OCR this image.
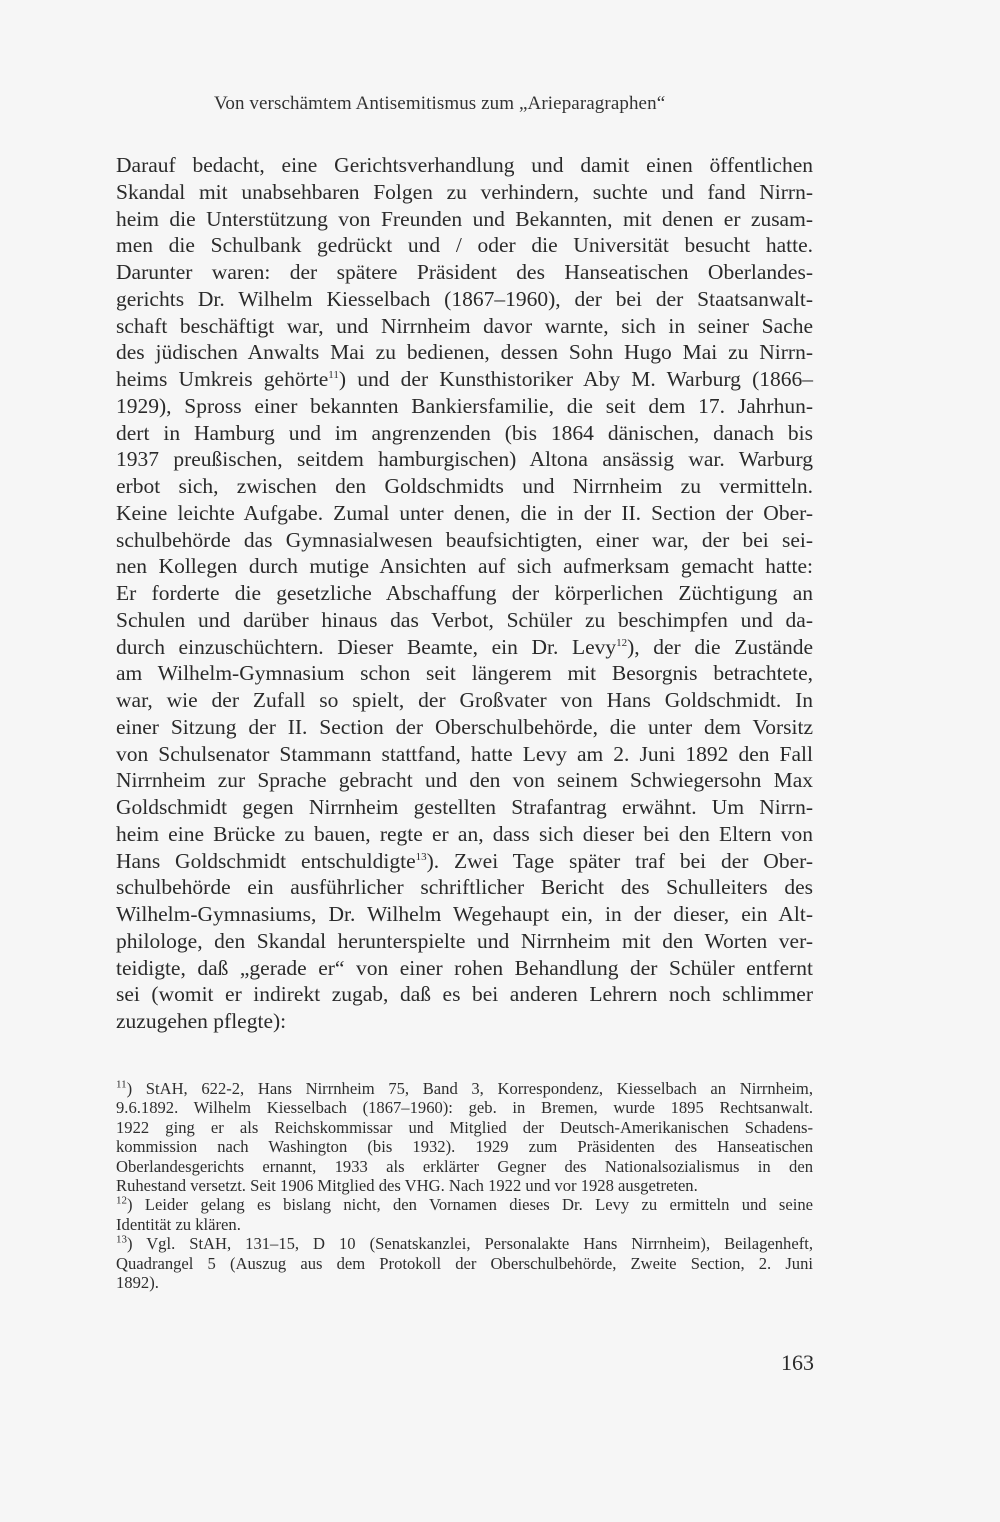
Von verschämtem Antisemitismus zum „Arieparagraphen“
Darauf bedacht, eine Gerichtsverhandlung und damit einen öffentlichen
Skandal mit unabsehbaren Folgen zu verhindern, suchte und fand Nirrn-
heim die Unterstützung von Freunden und Bekannten, mit denen er zusam-
men die Schulbank gedrückt und / oder die Universität besucht hatte.
Darunter waren: der spätere Präsident des Hanseatischen Oberlandes-
gerichts Dr. Wilhelm Kiesselbach (1867–1960), der bei der Staatsanwalt-
schaft beschäftigt war, und Nirrnheim davor warnte, sich in seiner Sache
des jüdischen Anwalts Mai zu bedienen, dessen Sohn Hugo Mai zu Nirrn-
heims Umkreis gehörte$^{11}$) und der Kunsthistoriker Aby M. Warburg (1866–
1929), Spross einer bekannten Bankiersfamilie, die seit dem 17. Jahrhun-
dert in Hamburg und im angrenzenden (bis 1864 dänischen, danach bis
1937 preußischen, seitdem hamburgischen) Altona ansässig war. Warburg
erbot sich, zwischen den Goldschmidts und Nirrnheim zu vermitteln.
Keine leichte Aufgabe. Zumal unter denen, die in der II. Section der Ober-
schulbehörde das Gymnasialwesen beaufsichtigten, einer war, der bei sei-
nen Kollegen durch mutige Ansichten auf sich aufmerksam gemacht hatte:
Er forderte die gesetzliche Abschaffung der körperlichen Züchtigung an
Schulen und darüber hinaus das Verbot, Schüler zu beschimpfen und da-
durch einzuschüchtern. Dieser Beamte, ein Dr. Levy$^{12}$), der die Zustände
am Wilhelm-Gymnasium schon seit längerem mit Besorgnis betrachtete,
war, wie der Zufall so spielt, der Großvater von Hans Goldschmidt. In
einer Sitzung der II. Section der Oberschulbehörde, die unter dem Vorsitz
von Schulsenator Stammann stattfand, hatte Levy am 2. Juni 1892 den Fall
Nirrnheim zur Sprache gebracht und den von seinem Schwiegersohn Max
Goldschmidt gegen Nirrnheim gestellten Strafantrag erwähnt. Um Nirrn-
heim eine Brücke zu bauen, regte er an, dass sich dieser bei den Eltern von
Hans Goldschmidt entschuldigte$^{13}$). Zwei Tage später traf bei der Ober-
schulbehörde ein ausführlicher schriftlicher Bericht des Schulleiters des
Wilhelm-Gymnasiums, Dr. Wilhelm Wegehaupt ein, in der dieser, ein Alt-
philologe, den Skandal herunterspielte und Nirrnheim mit den Worten ver-
teidigte, daß „gerade er“ von einer rohen Behandlung der Schüler entfernt
sei (womit er indirekt zugab, daß es bei anderen Lehrern noch schlimmer
zuzugehen pflegte):
$^{11}$) StAH, 622-2, Hans Nirrnheim 75, Band 3, Korrespondenz, Kiesselbach an Nirrnheim,
9.6.1892. Wilhelm Kiesselbach (1867–1960): geb. in Bremen, wurde 1895 Rechtsanwalt.
1922 ging er als Reichskommissar und Mitglied der Deutsch-Amerikanischen Schadens-
kommission nach Washington (bis 1932). 1929 zum Präsidenten des Hanseatischen
Oberlandesgerichts ernannt, 1933 als erklärter Gegner des Nationalsozialismus in den
Ruhestand versetzt. Seit 1906 Mitglied des VHG. Nach 1922 und vor 1928 ausgetreten.
$^{12}$) Leider gelang es bislang nicht, den Vornamen dieses Dr. Levy zu ermitteln und seine
Identität zu klären.
$^{13}$) Vgl. StAH, 131–15, D 10 (Senatskanzlei, Personalakte Hans Nirrnheim), Beilagenheft,
Quadrangel 5 (Auszug aus dem Protokoll der Oberschulbehörde, Zweite Section, 2. Juni
1892).
163
